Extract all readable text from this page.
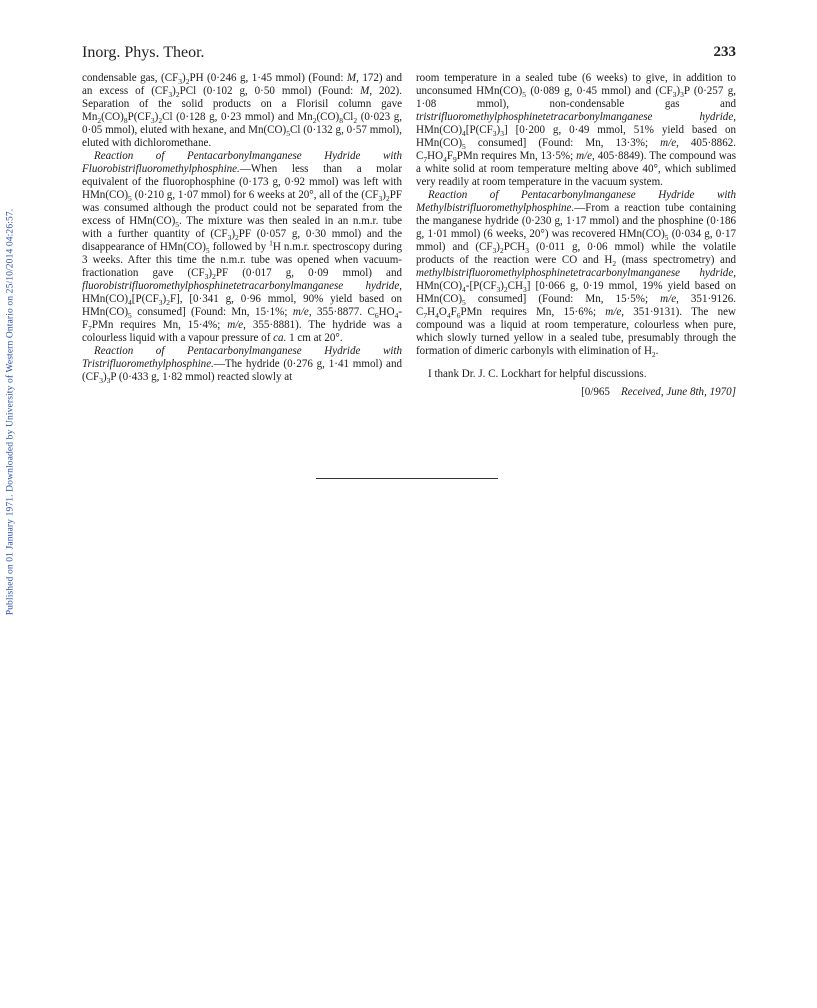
Published on 01 January 1971. Downloaded by University of Western Ontario on 25/10/2014 04:26:57.
Inorg. Phys. Theor.	233

condensable gas, $(CF_3)_2PH$ (0·246 g, 1·45 mmol) (Found: M, 172) and an excess of $(CF_3)_2PCl$ (0·102 g, 0·50 mmol) (Found: M, 202). Separation of the solid products on a Florisil column gave $Mn_2(CO)_8P(CF_3)_2Cl$ (0·128 g, 0·23 mmol) and $Mn_2(CO)_8Cl_2$ (0·023 g, 0·05 mmol), eluted with hexane, and $Mn(CO)_5Cl$ (0·132 g, 0·57 mmol), eluted with dichloromethane.

Reaction of Pentacarbonylmanganese Hydride with Fluorobistrifluoromethylphosphine.—When less than a molar equivalent of the fluorophosphine (0·173 g, 0·92 mmol) was left with $HMn(CO)_5$ (0·210 g, 1·07 mmol) for 6 weeks at 20°, all of the $(CF_3)_2PF$ was consumed although the product could not be separated from the excess of $HMn(CO)_5$. The mixture was then sealed in an n.m.r. tube with a further quantity of $(CF_3)_2PF$ (0·057 g, 0·30 mmol) and the disappearance of $HMn(CO)_5$ followed by $^1$H n.m.r. spectroscopy during 3 weeks. After this time the n.m.r. tube was opened when vacuum-fractionation gave $(CF_3)_2PF$ (0·017 g, 0·09 mmol) and fluorobistrifluoromethylphosphinetetracarbonylmanganese hydride, $HMn(CO)_4[P(CF_3)_2F]$, [0·341 g, 0·96 mmol, 90% yield based on $HMn(CO)_5$ consumed] (Found: Mn, 15·1%; m/e, 355·8877. $C_6HO_4-F_7PMn$ requires Mn, 15·4%; m/e, 355·8881). The hydride was a colourless liquid with a vapour pressure of ca. 1 cm at 20°.

Reaction of Pentacarbonylmanganese Hydride with Tristrifluoromethylphosphine.—The hydride (0·276 g, 1·41 mmol) and $(CF_3)_3P$ (0·433 g, 1·82 mmol) reacted slowly at

room temperature in a sealed tube (6 weeks) to give, in addition to unconsumed $HMn(CO)_5$ (0·089 g, 0·45 mmol) and $(CF_3)_3P$ (0·257 g, 1·08 mmol), non-condensable gas and tristrifluoromethylphosphinetetracarbonylmanganese hydride, $HMn(CO)_4[P(CF_3)_3]$ [0·200 g, 0·49 mmol, 51% yield based on $HMn(CO)_5$ consumed] (Found: Mn, 13·3%; m/e, 405·8862. $C_7HO_4F_9PMn$ requires Mn, 13·5%; m/e, 405·8849). The compound was a white solid at room temperature melting above 40°, which sublimed very readily at room temperature in the vacuum system.

Reaction of Pentacarbonylmanganese Hydride with Methylbistrifluoromethylphosphine.—From a reaction tube containing the manganese hydride (0·230 g, 1·17 mmol) and the phosphine (0·186 g, 1·01 mmol) (6 weeks, 20°) was recovered $HMn(CO)_5$ (0·034 g, 0·17 mmol) and $(CF_3)_2PCH_3$ (0·011 g, 0·06 mmol) while the volatile products of the reaction were CO and $H_2$ (mass spectrometry) and methylbistrifluoromethylphosphinetetracarbonylmanganese hydride, $HMn(CO)_4-[P(CF_3)_2CH_3]$ [0·066 g, 0·19 mmol, 19% yield based on $HMn(CO)_5$ consumed] (Found: Mn, 15·5%; m/e, 351·9126. $C_7H_4O_4F_6PMn$ requires Mn, 15·6%; m/e, 351·9131). The new compound was a liquid at room temperature, colourless when pure, which slowly turned yellow in a sealed tube, presumably through the formation of dimeric carbonyls with elimination of $H_2$.

I thank Dr. J. C. Lockhart for helpful discussions.

[0/965 Received, June 8th, 1970]
